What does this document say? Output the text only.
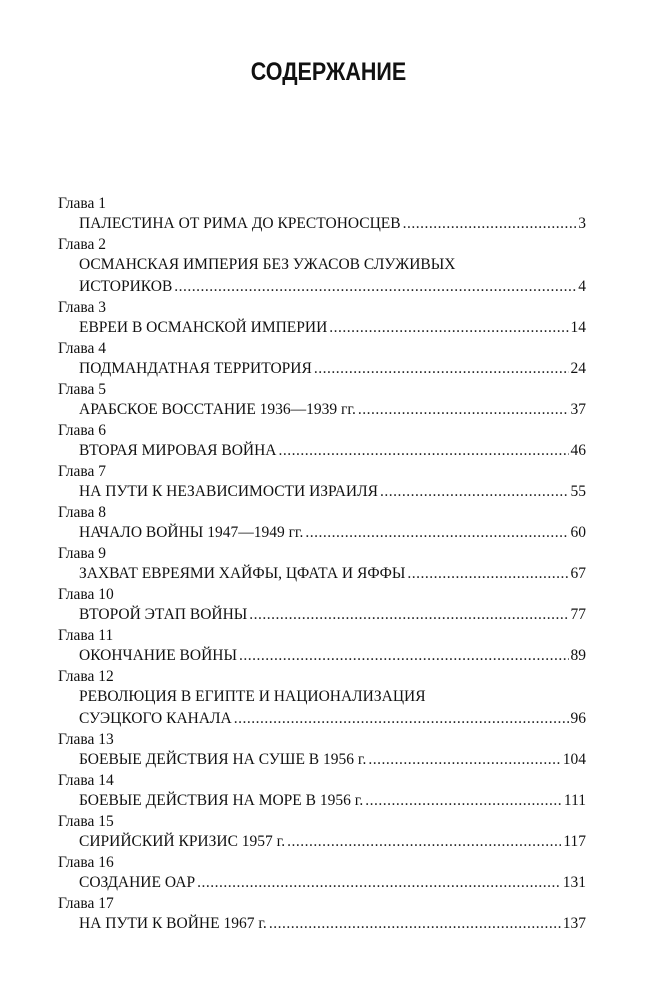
СОДЕРЖАНИЕ
Глава 1
ПАЛЕСТИНА ОТ РИМА ДО КРЕСТОНОСЦЕВ .....	3
Глава 2
ОСМАНСКАЯ ИМПЕРИЯ БЕЗ УЖАСОВ СЛУЖИВЫХ
ИСТОРИКОВ .....	4
Глава 3
ЕВРЕИ В ОСМАНСКОЙ ИМПЕРИИ .....	14
Глава 4
ПОДМАНДАТНАЯ ТЕРРИТОРИЯ .....	24
Глава 5
АРАБСКОЕ ВОССТАНИЕ 1936—1939 гг. .....	37
Глава 6
ВТОРАЯ МИРОВАЯ ВОЙНА .....	46
Глава 7
НА ПУТИ К НЕЗАВИСИМОСТИ ИЗРАИЛЯ .....	55
Глава 8
НАЧАЛО ВОЙНЫ 1947—1949 гг. .....	60
Глава 9
ЗАХВАТ ЕВРЕЯМИ ХАЙФЫ, ЦФАТА И ЯФФЫ .....	67
Глава 10
ВТОРОЙ ЭТАП ВОЙНЫ .....	77
Глава 11
ОКОНЧАНИЕ ВОЙНЫ .....	89
Глава 12
РЕВОЛЮЦИЯ В ЕГИПТЕ И НАЦИОНАЛИЗАЦИЯ
СУЭЦКОГО КАНАЛА .....	96
Глава 13
БОЕВЫЕ ДЕЙСТВИЯ НА СУШЕ В 1956 г. .....	104
Глава 14
БОЕВЫЕ ДЕЙСТВИЯ НА МОРЕ В 1956 г. .....	111
Глава 15
СИРИЙСКИЙ КРИЗИС 1957 г. .....	117
Глава 16
СОЗДАНИЕ ОАР .....	131
Глава 17
НА ПУТИ К ВОЙНЕ 1967 г. .....	137
